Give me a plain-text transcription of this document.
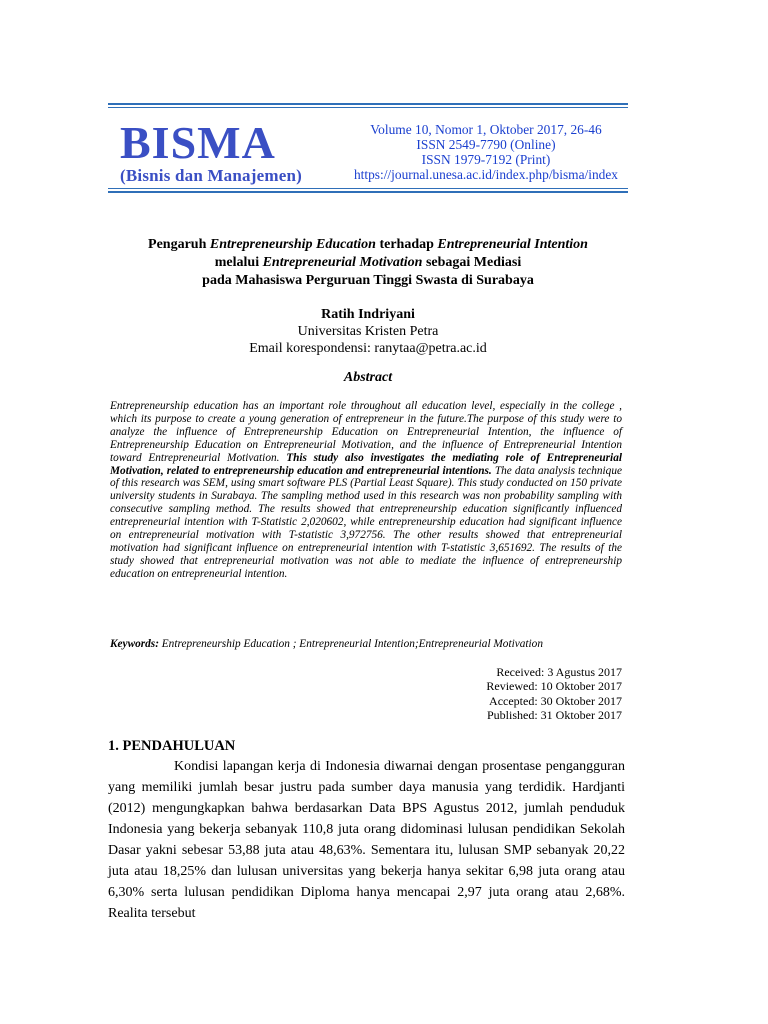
BISMA
(Bisnis dan Manajemen)
Volume 10, Nomor 1, Oktober 2017, 26-46
ISSN 2549-7790 (Online)
ISSN 1979-7192 (Print)
https://journal.unesa.ac.id/index.php/bisma/index
Pengaruh Entrepreneurship Education terhadap Entrepreneurial Intention
melalui Entrepreneurial Motivation sebagai Mediasi
pada Mahasiswa Perguruan Tinggi Swasta di Surabaya
Ratih Indriyani
Universitas Kristen Petra
Email korespondensi: ranytaa@petra.ac.id
Abstract
Entrepreneurship education has an important role throughout all education level, especially in the college , which its purpose to create a young generation of entrepreneur in the future.The purpose of this study were to analyze the influence of Entrepreneurship Education on Entrepreneurial Intention, the influence of Entrepreneurship Education on Entrepreneurial Motivation, and the influence of Entrepreneurial Intention toward Entrepreneurial Motivation. This study also investigates the mediating role of Entrepreneurial Motivation, related to entrepreneurship education and entrepreneurial intentions. The data analysis technique of this research was SEM, using smart software PLS (Partial Least Square). This study conducted on 150 private university students in Surabaya. The sampling method used in this research was non probability sampling with consecutive sampling method. The results showed that entrepreneurship education significantly influenced entrepreneurial intention with T-Statistic 2,020602, while entrepreneurship education had significant influence on entrepreneurial motivation with T-statistic 3,972756. The other results showed that entrepreneurial motivation had significant influence on entrepreneurial intention with T-statistic 3,651692. The results of the study showed that entrepreneurial motivation was not able to mediate the influence of entrepreneurship education on entrepreneurial intention.
Keywords: Entrepreneurship Education ; Entrepreneurial Intention;Entrepreneurial Motivation
Received: 3 Agustus 2017
Reviewed: 10 Oktober 2017
Accepted: 30 Oktober 2017
Published: 31 Oktober 2017
1. PENDAHULUAN
Kondisi lapangan kerja di Indonesia diwarnai dengan prosentase pengangguran yang memiliki jumlah besar justru pada sumber daya manusia yang terdidik. Hardjanti (2012) mengungkapkan bahwa berdasarkan Data BPS Agustus 2012, jumlah penduduk Indonesia yang bekerja sebanyak 110,8 juta orang didominasi lulusan pendidikan Sekolah Dasar yakni sebesar 53,88 juta atau 48,63%. Sementara itu, lulusan SMP sebanyak 20,22 juta atau 18,25% dan lulusan universitas yang bekerja hanya sekitar 6,98 juta orang atau 6,30% serta lulusan pendidikan Diploma hanya mencapai 2,97 juta orang atau 2,68%. Realita tersebut
